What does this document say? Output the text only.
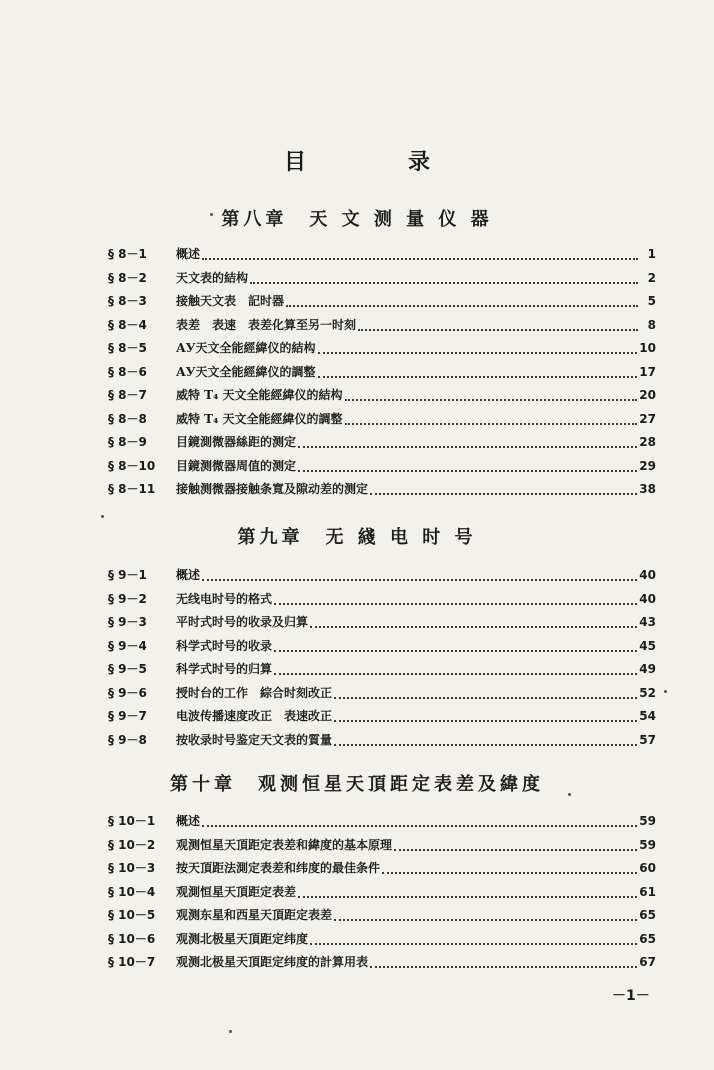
目　录
第八章　天 文 测 量 仪 器
§ 8－1	概述	1
§ 8－2	天文表的結构	2
§ 8－3	接触天文表　記时器	5
§ 8－4	表差　表速　表差化算至另一时刻	8
§ 8－5	АУ天文全能經緯仪的結构	10
§ 8－6	АУ天文全能經緯仪的調整	17
§ 8－7	威特 T₄ 天文全能經緯仪的結构	20
§ 8－8	威特 T₄ 天文全能經緯仪的調整	27
§ 8－9	目鏡測微器絲距的测定	28
§ 8－10	目鏡测微器周值的测定	29
§ 8－11	接触测微器接触条寬及隙动差的测定	38
第九章　无 綫 电 时 号
§ 9－1	概述	40
§ 9－2	无线电时号的格式	40
§ 9－3	平时式时号的收录及归算	43
§ 9－4	科学式时号的收录	45
§ 9－5	科学式时号的归算	49
§ 9－6	授时台的工作　綜合时刻改正	52
§ 9－7	电波传播速度改正　表速改正	54
§ 9－8	按收录时号鉴定天文表的質量	57
第十章　观测恒星天頂距定表差及緯度
§ 10－1	概述	59
§ 10－2	观测恒星天頂距定表差和緯度的基本原理	59
§ 10－3	按天頂距法測定表差和纬度的最佳条件	60
§ 10－4	观測恒星天頂距定表差	61
§ 10－5	观测东星和西星天頂距定表差	65
§ 10－6	观测北极星天頂距定纬度	65
§ 10－7	观测北极星天頂距定纬度的計算用表	67
－1－
